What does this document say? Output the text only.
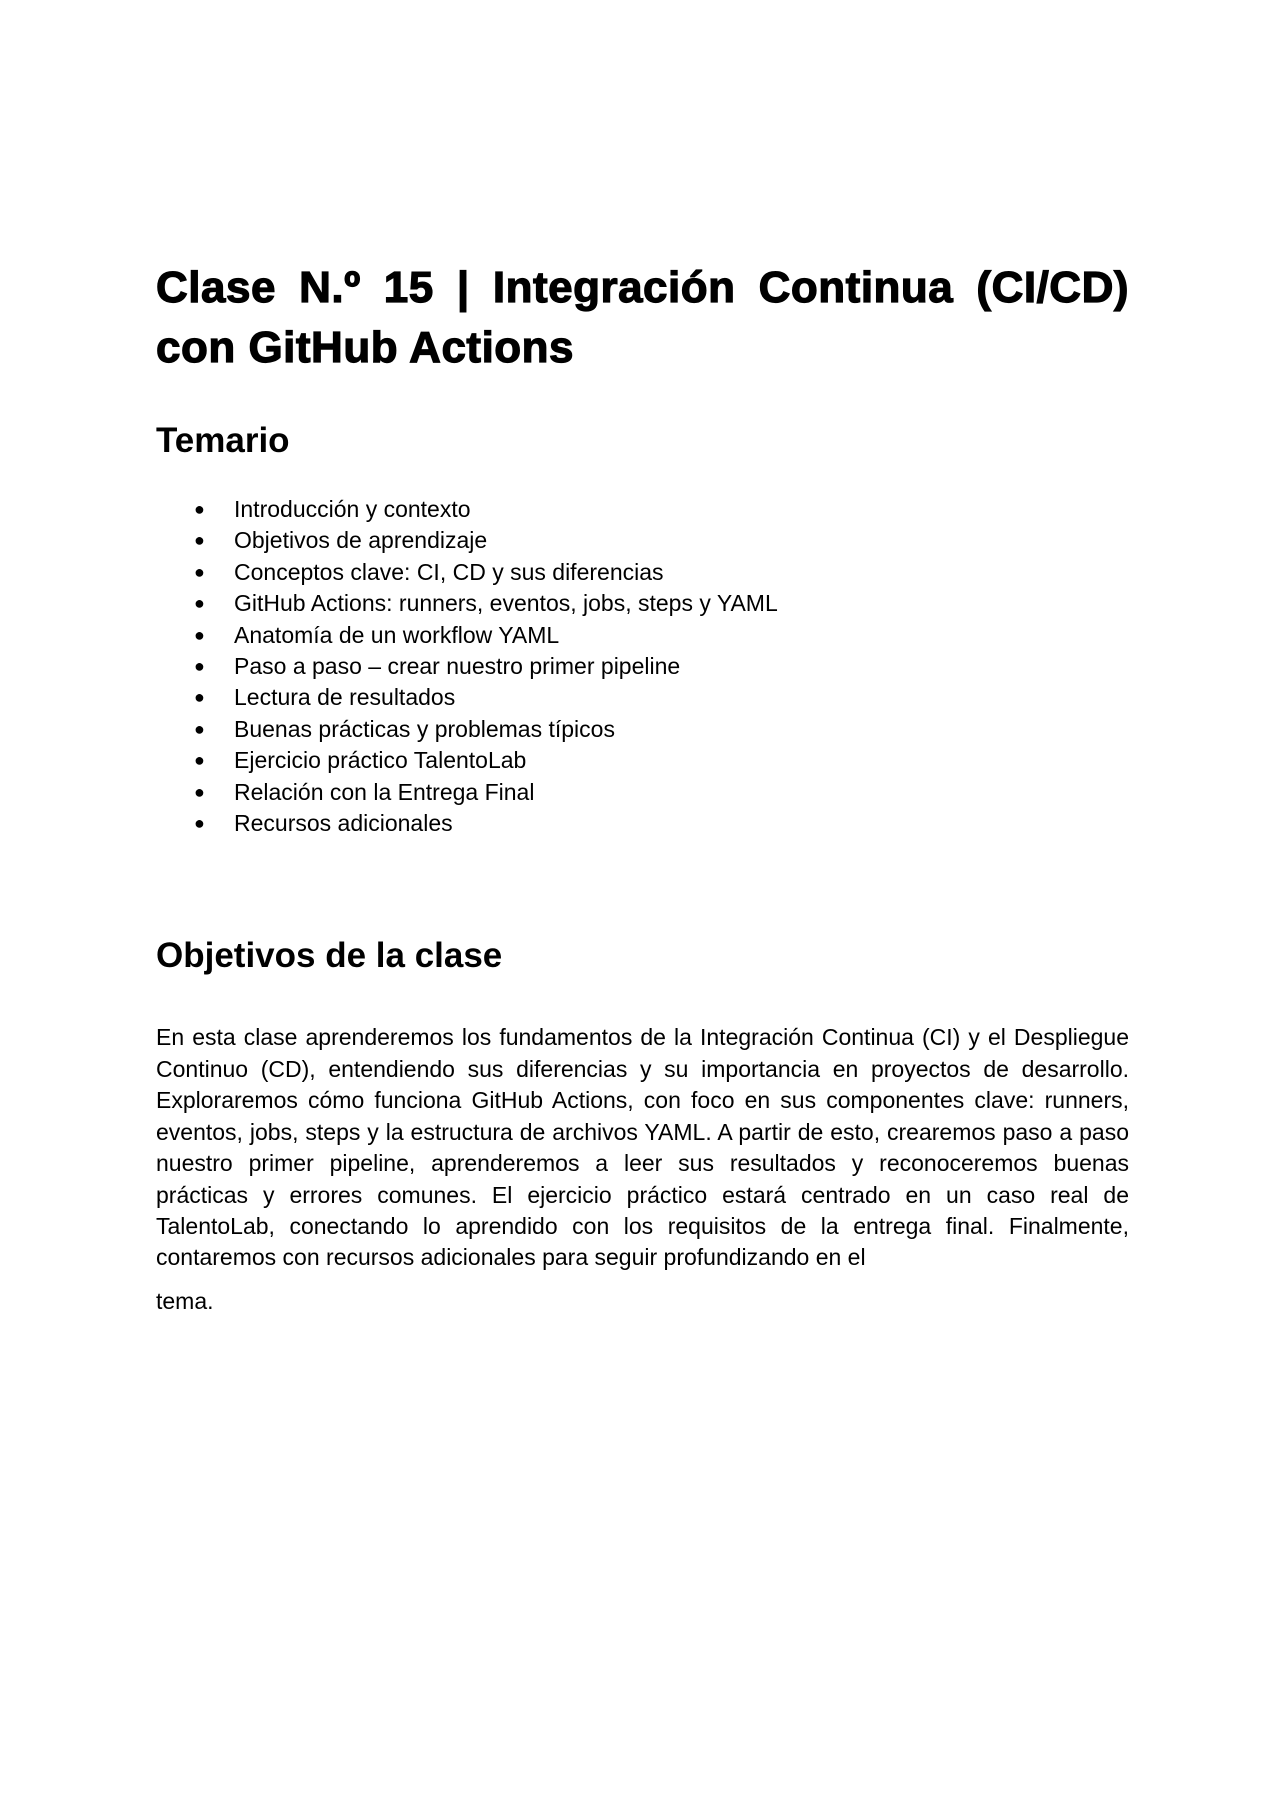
Clase N.º 15 | Integración Continua (CI/CD) con GitHub Actions
Temario
● Introducción y contexto
● Objetivos de aprendizaje
● Conceptos clave: CI, CD y sus diferencias
● GitHub Actions: runners, eventos, jobs, steps y YAML
● Anatomía de un workflow YAML
● Paso a paso – crear nuestro primer pipeline
● Lectura de resultados
● Buenas prácticas y problemas típicos
● Ejercicio práctico TalentoLab
● Relación con la Entrega Final
● Recursos adicionales
Objetivos de la clase

En esta clase aprenderemos los fundamentos de la Integración Continua (CI) y el Despliegue Continuo (CD), entendiendo sus diferencias y su importancia en proyectos de desarrollo. Exploraremos cómo funciona GitHub Actions, con foco en sus componentes clave: runners, eventos, jobs, steps y la estructura de archivos YAML. A partir de esto, crearemos paso a paso nuestro primer pipeline, aprenderemos a leer sus resultados y reconoceremos buenas prácticas y errores comunes. El ejercicio práctico estará centrado en un caso real de TalentoLab, conectando lo aprendido con los requisitos de la entrega final. Finalmente, contaremos con recursos adicionales para seguir profundizando en el
tema.
